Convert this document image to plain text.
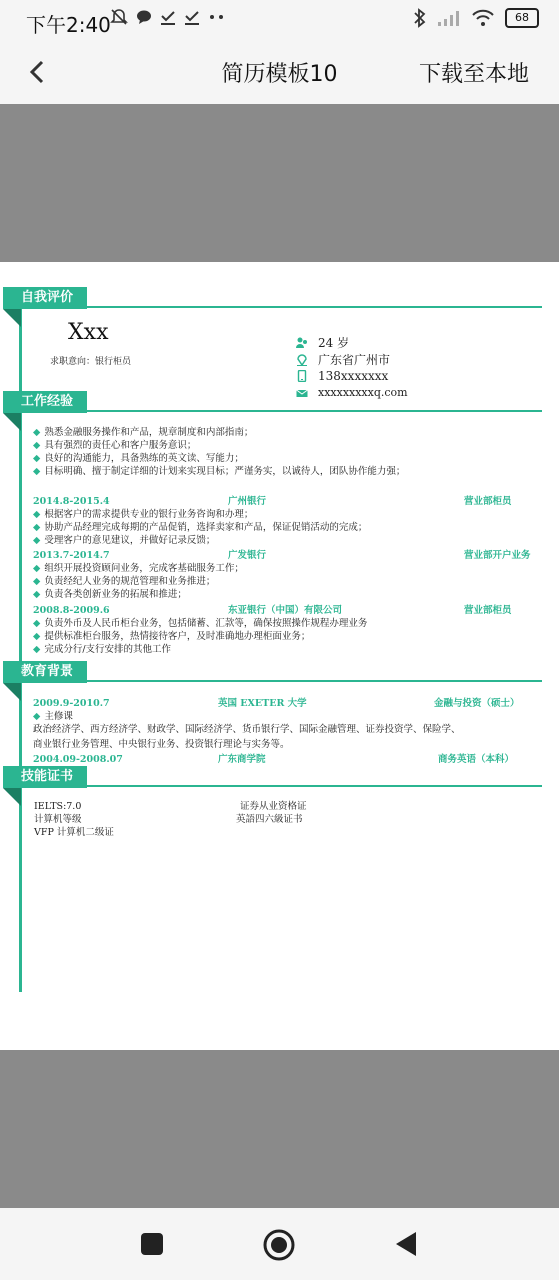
下午2:40	68
简历模板10	下载至本地
自我评价
Xxx
求职意向：银行柜员
24 岁
广东省广州市
138xxxxxxx
xxxxxxxxxq.com
工作经验
◆ 熟悉金融服务操作和产品，规章制度和内部指南；
◆ 具有强烈的责任心和客户服务意识；
◆ 良好的沟通能力，具备熟练的英文读、写能力；
◆ 目标明确、擅于制定详细的计划来实现目标；严谨务实，以诚待人，团队协作能力强；
2014.8-2015.4	广州银行	营业部柜员
◆ 根据客户的需求提供专业的银行业务咨询和办理；
◆ 协助产品经理完成每期的产品促销，选择卖家和产品，保证促销活动的完成；
◆ 受理客户的意见建议，并做好记录反馈；
2013.7-2014.7	广发银行	营业部开户业务
◆ 组织开展投资顾问业务，完成客基础服务工作；
◆ 负责经纪人业务的规范管理和业务推进；
◆ 负责各类创新业务的拓展和推进；
2008.8-2009.6	东亚银行（中国）有限公司	营业部柜员
◆ 负责外币及人民币柜台业务，包括储蓄、汇款等，确保按照操作规程办理业务
◆ 提供标准柜台服务，热情接待客户，及时准确地办理柜面业务；
◆ 完成分行/支行安排的其他工作
教育背景
2009.9-2010.7	英国 EXETER 大学	金融与投资（硕士）
◆ 主修课
政治经济学、西方经济学、财政学、国际经济学、货币银行学、国际金融管理、证券投资学、保险学、
商业银行业务管理、中央银行业务、投资银行理论与实务等。
2004.09-2008.07	广东商学院	商务英语（本科）
技能证书
IELTS:7.0	证券从业资格证
计算机等级	英語四六級证书
VFP 计算机二级证
